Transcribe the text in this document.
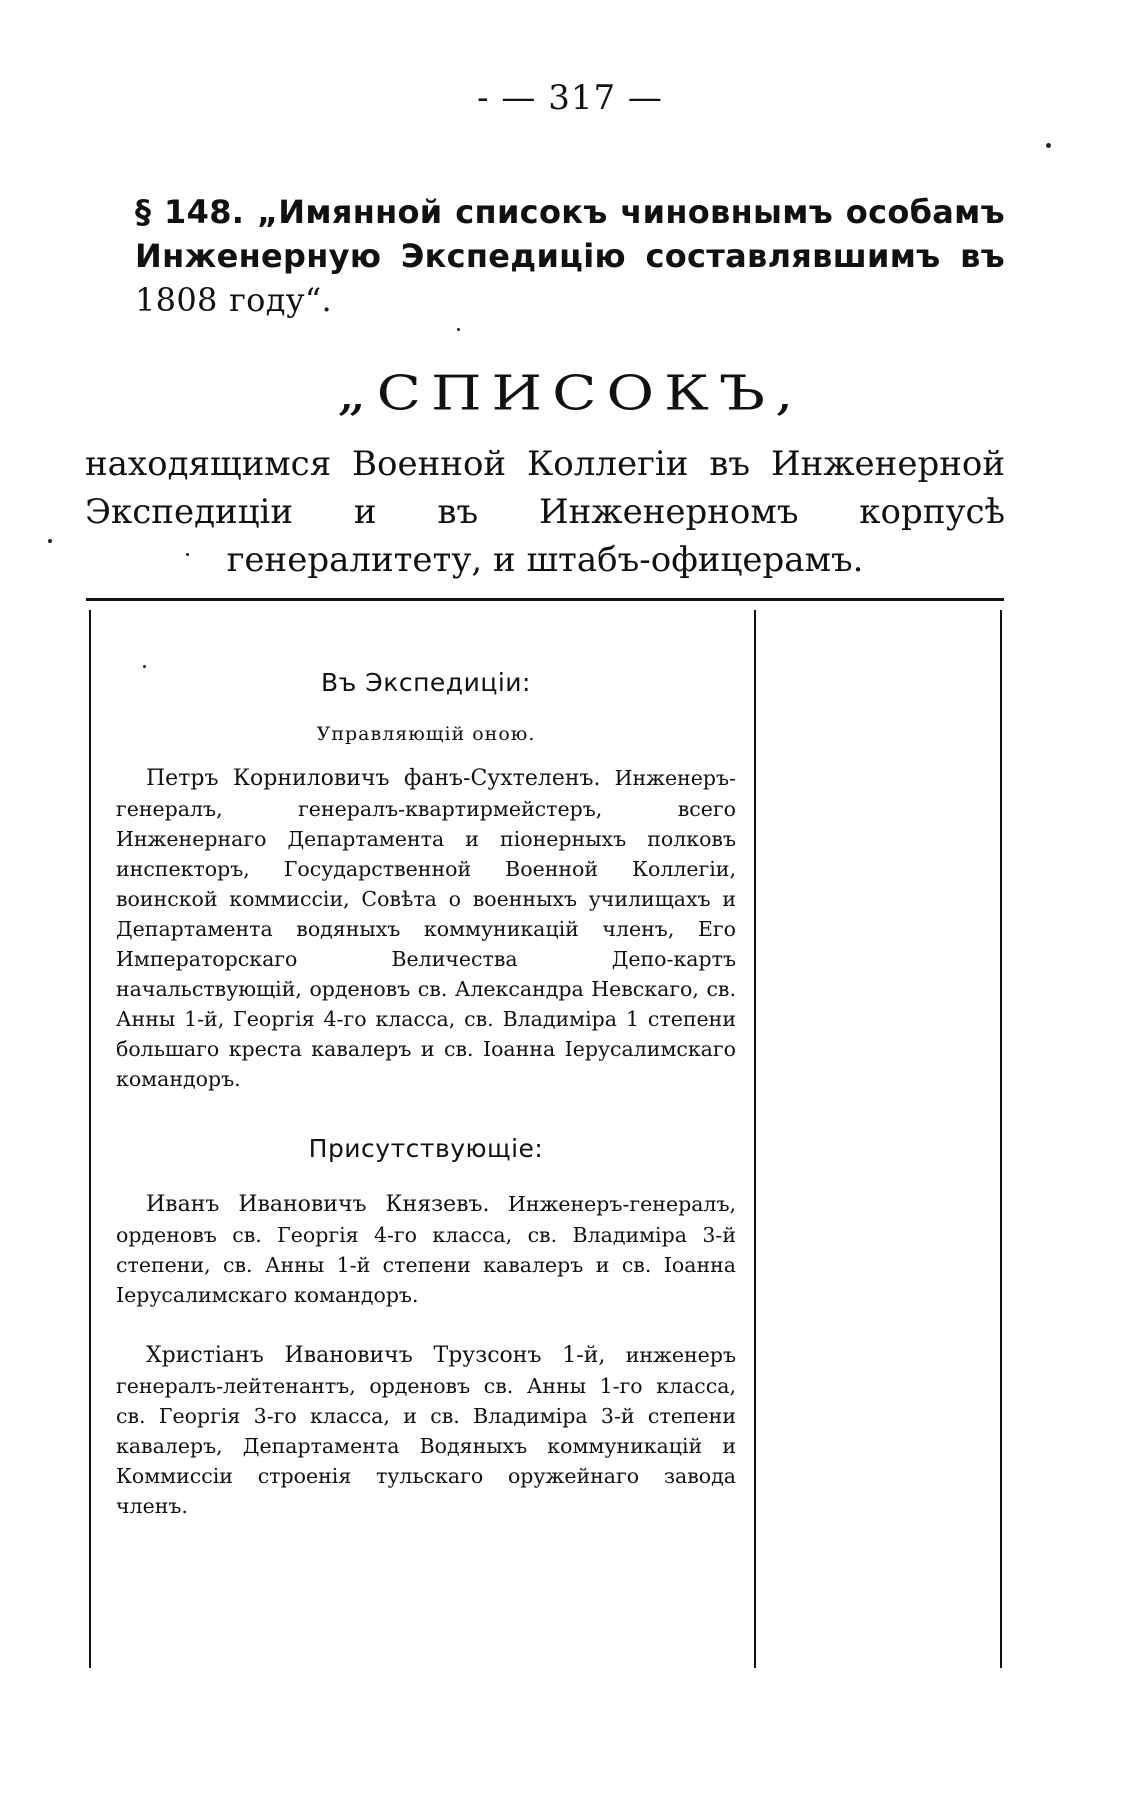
- — 317 —
§ 148. „Имянной списокъ чиновнымъ особамъ Инженерную Экспедицію составлявшимъ въ 1808 году“.
„СПИСОКЪ,
находящимся Военной Коллегіи въ Инженерной Экспедиціи и въ Инженерномъ корпусѣ генералитету, и штабъ-офицерамъ.

Въ Экспедиціи:

Управляющій оною.

Петръ Корниловичъ фанъ-Сухтеленъ. Инженеръ-генералъ, генералъ-квартирмейстеръ, всего Инженернаго Департамента и піонерныхъ полковъ инспекторъ, Государственной Военной Коллегіи, воинской коммиссіи, Совѣта о военныхъ училищахъ и Департамента водяныхъ коммуникацій членъ, Его Императорскаго Величества Депо-картъ начальствующій, орденовъ св. Александра Невскаго, св. Анны 1-й, Георгія 4-го класса, св. Владиміра 1 степени большаго креста кавалеръ и св. Іоанна Іерусалимскаго командоръ.

Присутствующіе:

Иванъ Ивановичъ Князевъ. Инженеръ-генералъ, орденовъ св. Георгія 4-го класса, св. Владиміра 3-й степени, св. Анны 1-й степени кавалеръ и св. Іоанна Іерусалимскаго командоръ.

Христіанъ Ивановичъ Трузсонъ 1-й, инженеръ генералъ-лейтенантъ, орденовъ св. Анны 1-го класса, св. Георгія 3-го класса, и св. Владиміра 3-й степени кавалеръ, Департамента Водяныхъ коммуникацій и Коммиссіи строенія тульскаго оружейнаго завода членъ.
